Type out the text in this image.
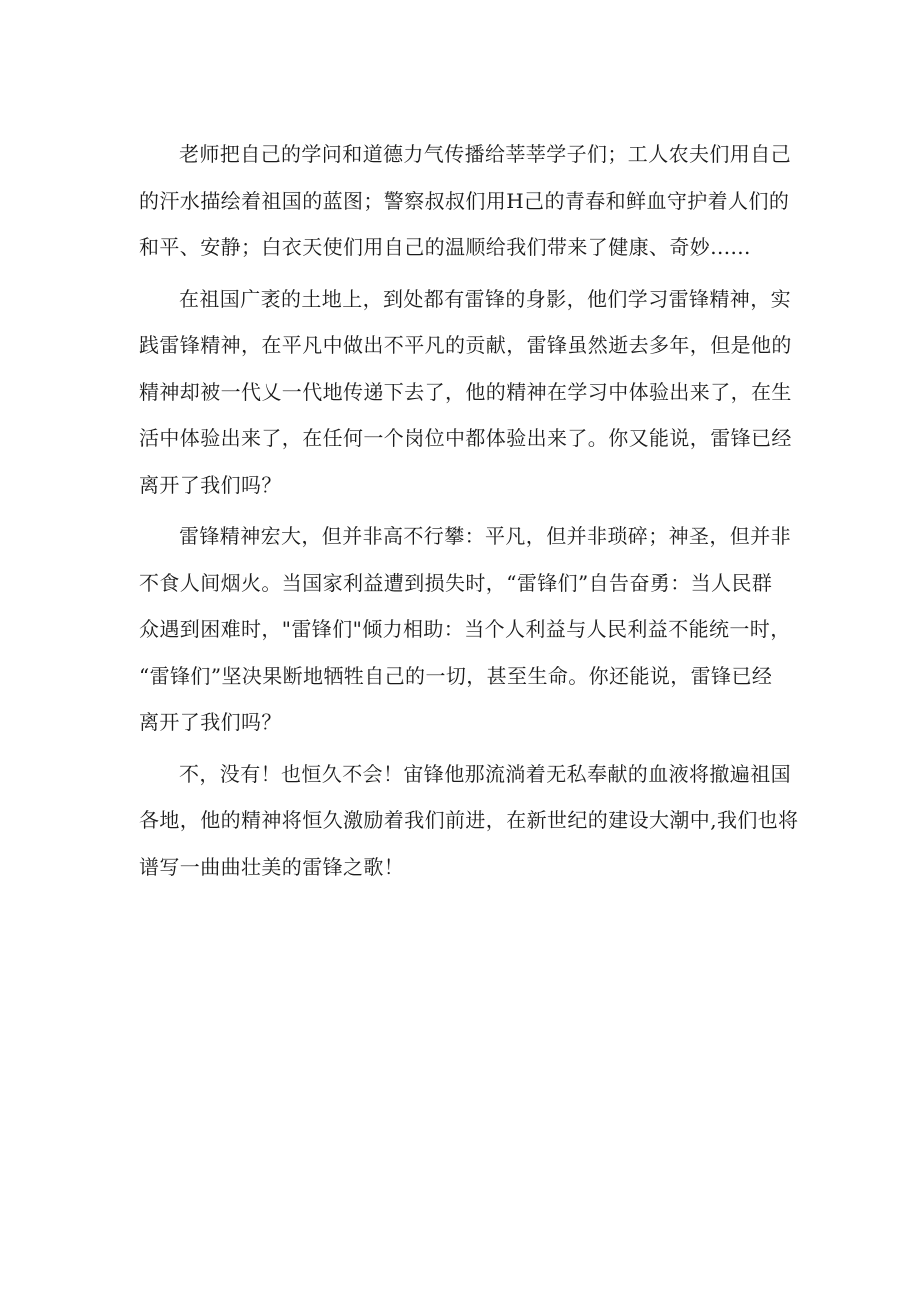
老师把自己的学问和道德力气传播给莘莘学子们；工人农夫们用自己
的汗水描绘着祖国的蓝图；警察叔叔们用H己的青春和鲜血守护着人们的
和平、安静；白衣天使们用自己的温顺给我们带来了健康、奇妙......

在祖国广袤的土地上，到处都有雷锋的身影，他们学习雷锋精神，实
践雷锋精神，在平凡中做出不平凡的贡献，雷锋虽然逝去多年，但是他的
精神却被一代乂一代地传递下去了，他的精神在学习中体验出来了，在生
活中体验出来了，在任何一个岗位中都体验出来了。你又能说，雷锋已经
离开了我们吗？

雷锋精神宏大，但并非高不行攀：平凡，但并非琐碎；神圣，但并非
不食人间烟火。当国家利益遭到损失时，“雷锋们”自告奋勇：当人民群
众遇到困难时，"雷锋们"倾力相助：当个人利益与人民利益不能统一时，
“雷锋们”坚决果断地牺牲自己的一切，甚至生命。你还能说，雷锋已经
离开了我们吗？

不，没有！也恒久不会！宙锋他那流淌着无私奉献的血液将撤遍祖国
各地，他的精神将恒久激励着我们前进，在新世纪的建设大潮中,我们也将
谱写一曲曲壮美的雷锋之歌！
